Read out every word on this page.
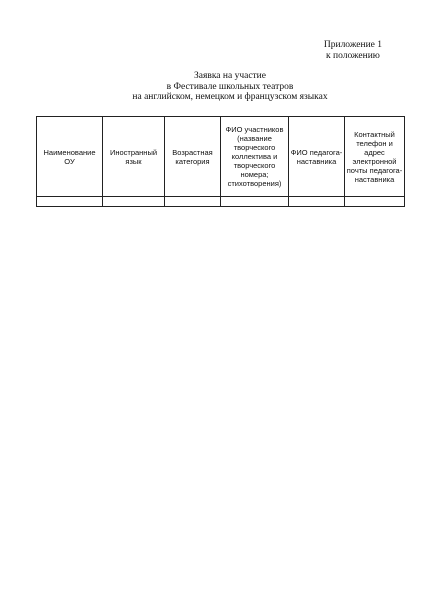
Приложение 1
к положению
Заявка на участие
в Фестивале школьных театров
на английском, немецком и французском языках
Наименование ОУ	Иностранный язык	Возрастная категория	ФИО участников (название творческого коллектива и творческого номера; стихотворения)	ФИО педагога-наставника	Контактный телефон и адрес электронной почты педагога-наставника
